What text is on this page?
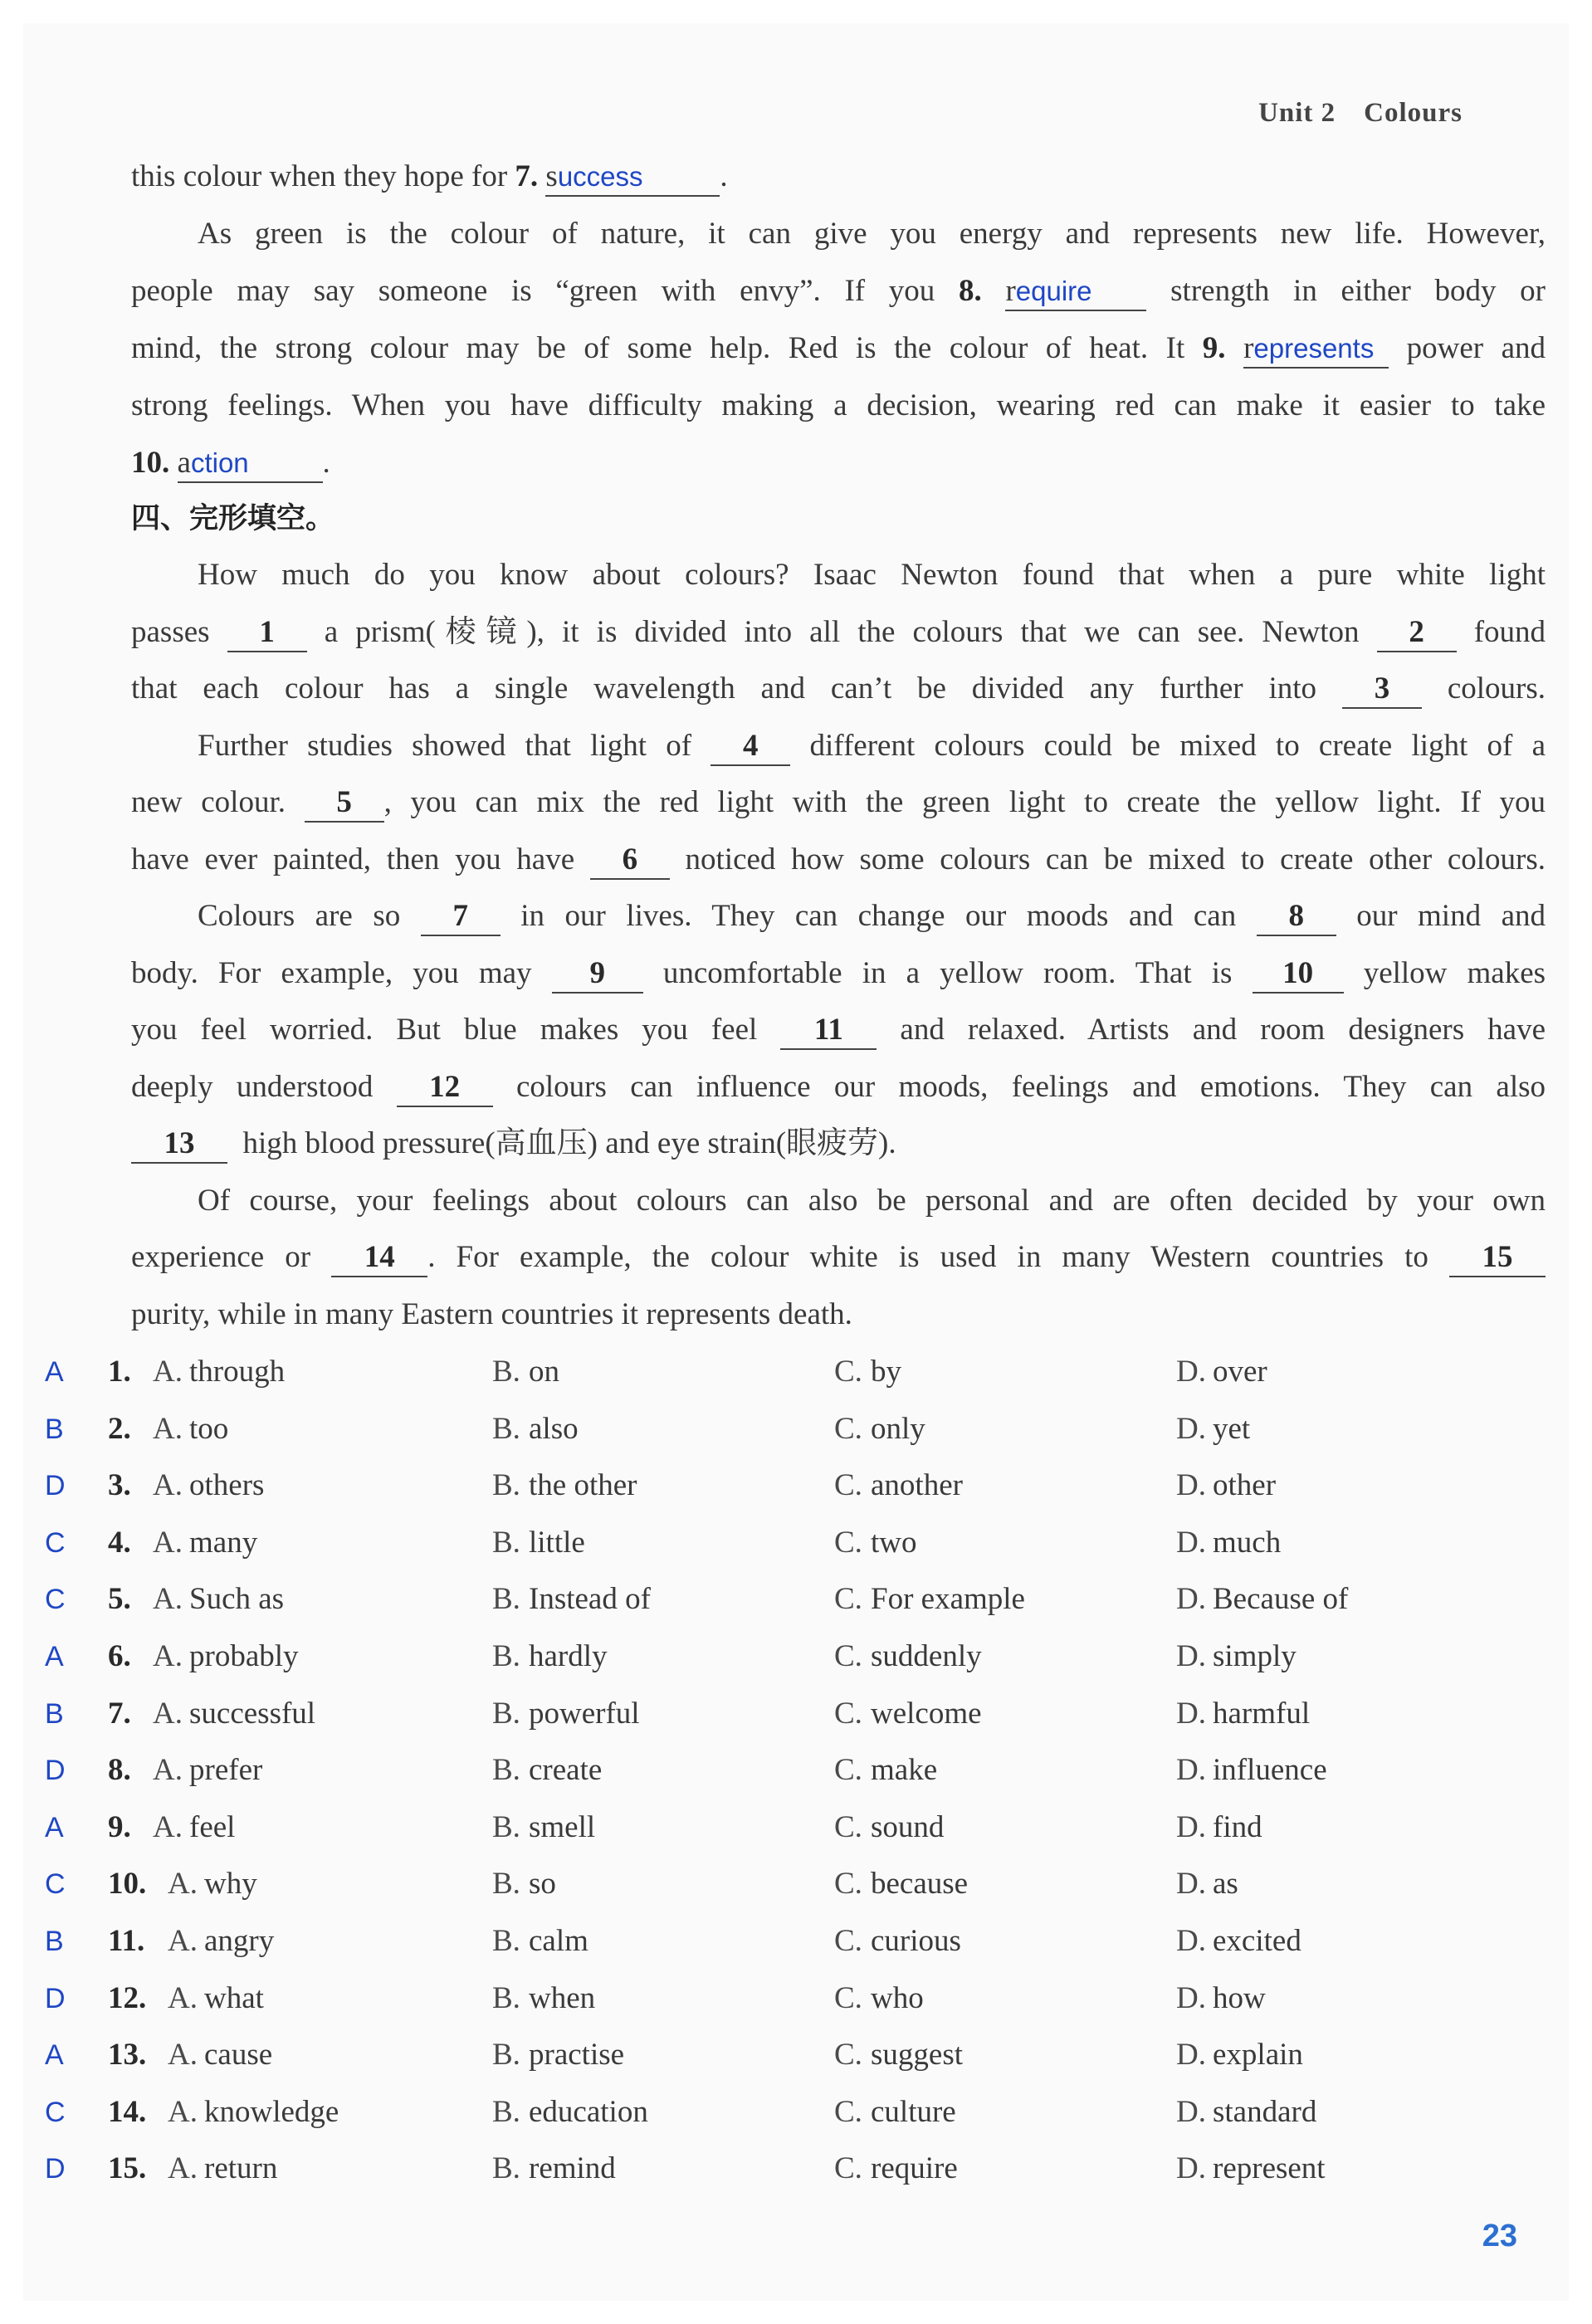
Unit 2 Colours
this colour when they hope for 7. success	.
As green is the colour of nature, it can give you energy and represents new life. However,
people may say someone is “green with envy”. If you 8. require	strength in either body or
mind, the strong colour may be of some help. Red is the colour of heat. It 9. represents power and
strong feelings. When you have difficulty making a decision, wearing red can make it easier to take
10. action .
四、完形填空。
How much do you know about colours? Isaac Newton found that when a pure white light
passes 1 a prism(棱镜), it is divided into all the colours that we can see. Newton 2 found
that each colour has a single wavelength and can’t be divided any further into 3 colours.
Further studies showed that light of 4 different colours could be mixed to create light of a
new colour. 5 , you can mix the red light with the green light to create the yellow light. If you
have ever painted, then you have 6 noticed how some colours can be mixed to create other colours.
Colours are so 7 in our lives. They can change our moods and can 8 our mind and
body. For example, you may 9 uncomfortable in a yellow room. That is 10 yellow makes
you feel worried. But blue makes you feel 11 and relaxed. Artists and room designers have
deeply understood 12 colours can influence our moods, feelings and emotions. They can also
13 high blood pressure(高血压) and eye strain(眼疲劳).
Of course, your feelings about colours can also be personal and are often decided by your own
experience or 14 . For example, the colour white is used in many Western countries to 15
purity, while in many Eastern countries it represents death.
A 1. A. through	B. on	C. by	D. over
B 2. A. too	B. also	C. only	D. yet
D 3. A. others	B. the other	C. another	D. other
C 4. A. many	B. little	C. two	D. much
C 5. A. Such as	B. Instead of	C. For example	D. Because of
A 6. A. probably	B. hardly	C. suddenly	D. simply
B 7. A. successful	B. powerful	C. welcome	D. harmful
D 8. A. prefer	B. create	C. make	D. influence
A 9. A. feel	B. smell	C. sound	D. find
C 10. A. why	B. so	C. because	D. as
B 11. A. angry	B. calm	C. curious	D. excited
D 12. A. what	B. when	C. who	D. how
A 13. A. cause	B. practise	C. suggest	D. explain
C 14. A. knowledge	B. education	C. culture	D. standard
D 15. A. return	B. remind	C. require	D. represent
23
